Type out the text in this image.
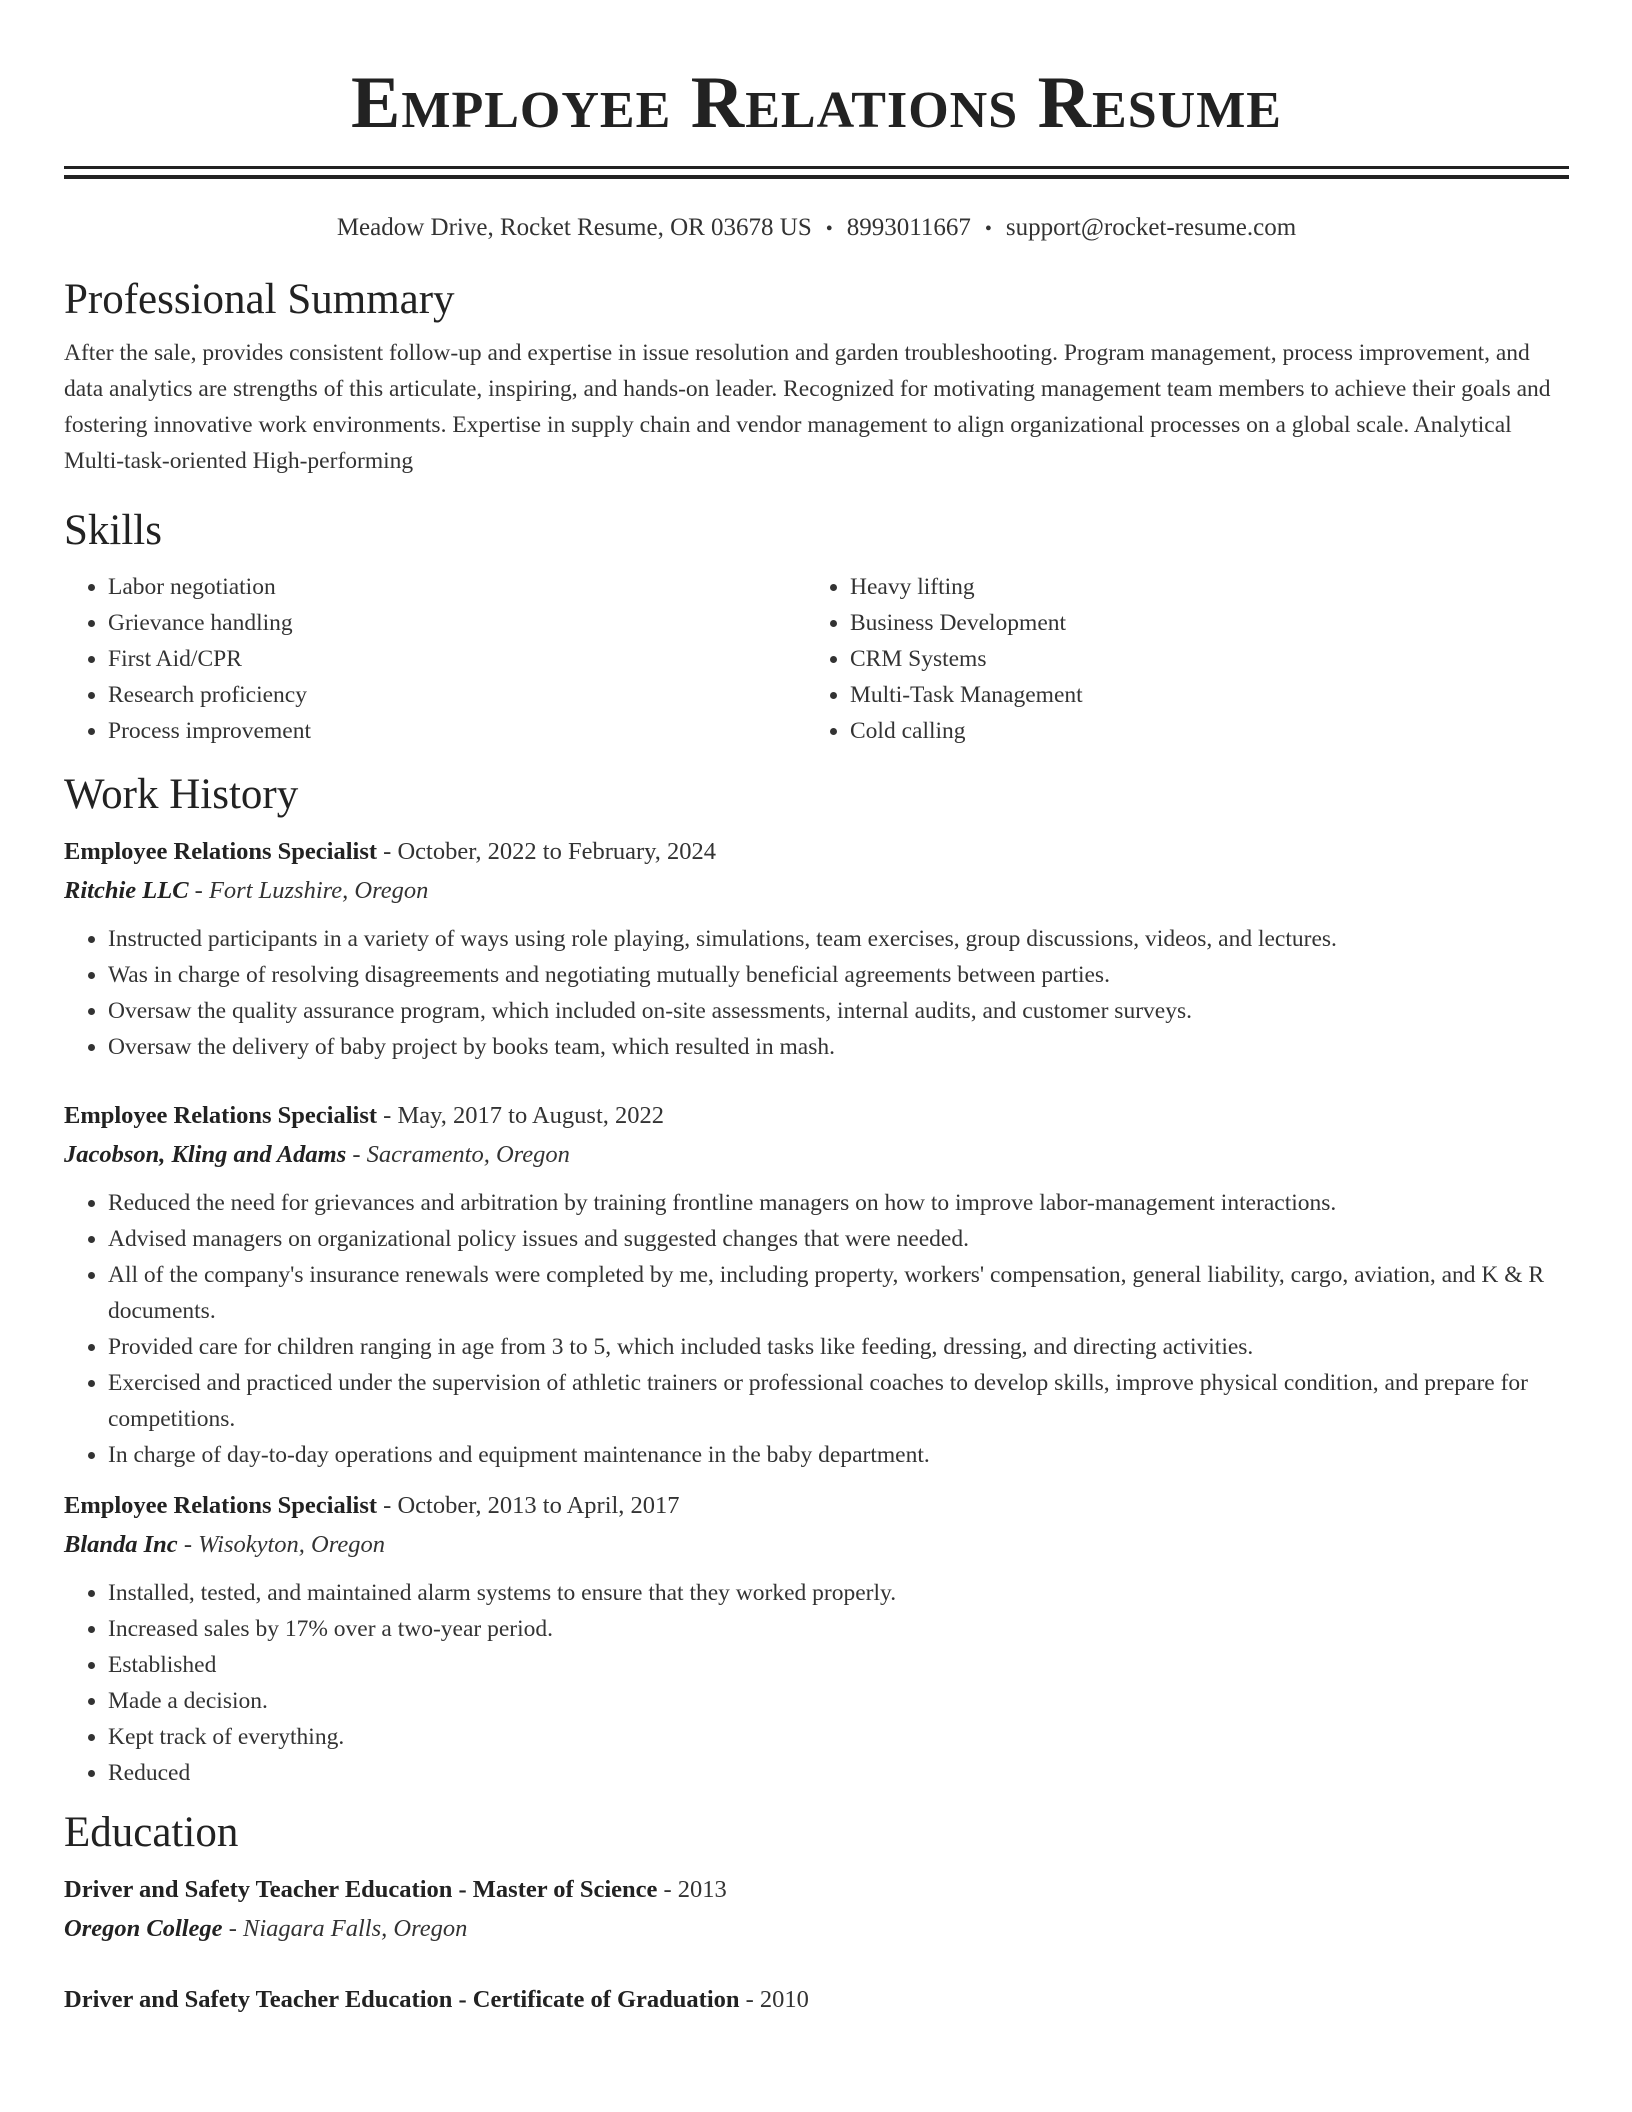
Employee Relations Resume
Meadow Drive, Rocket Resume, OR 03678 US • 8993011667 • support@rocket-resume.com
Professional Summary

After the sale, provides consistent follow-up and expertise in issue resolution and garden troubleshooting. Program management, process improvement, and data analytics are strengths of this articulate, inspiring, and hands-on leader. Recognized for motivating management team members to achieve their goals and fostering innovative work environments. Expertise in supply chain and vendor management to align organizational processes on a global scale. Analytical Multi-task-oriented High-performing

Skills
• Labor negotiation
• Grievance handling
• First Aid/CPR
• Research proficiency
• Process improvement
• Heavy lifting
• Business Development
• CRM Systems
• Multi-Task Management
• Cold calling
Work History
Employee Relations Specialist - October, 2022 to February, 2024
Ritchie LLC - Fort Luzshire, Oregon
• Instructed participants in a variety of ways using role playing, simulations, team exercises, group discussions, videos, and lectures.
• Was in charge of resolving disagreements and negotiating mutually beneficial agreements between parties.
• Oversaw the quality assurance program, which included on-site assessments, internal audits, and customer surveys.
• Oversaw the delivery of baby project by books team, which resulted in mash.
Employee Relations Specialist - May, 2017 to August, 2022
Jacobson, Kling and Adams - Sacramento, Oregon
• Reduced the need for grievances and arbitration by training frontline managers on how to improve labor-management interactions.
• Advised managers on organizational policy issues and suggested changes that were needed.
• All of the company's insurance renewals were completed by me, including property, workers' compensation, general liability, cargo, aviation, and K & R documents.
• Provided care for children ranging in age from 3 to 5, which included tasks like feeding, dressing, and directing activities.
• Exercised and practiced under the supervision of athletic trainers or professional coaches to develop skills, improve physical condition, and prepare for competitions.
• In charge of day-to-day operations and equipment maintenance in the baby department.
Employee Relations Specialist - October, 2013 to April, 2017
Blanda Inc - Wisokyton, Oregon
• Installed, tested, and maintained alarm systems to ensure that they worked properly.
• Increased sales by 17% over a two-year period.
• Established
• Made a decision.
• Kept track of everything.
• Reduced
Education
Driver and Safety Teacher Education - Master of Science - 2013
Oregon College - Niagara Falls, Oregon
Driver and Safety Teacher Education - Certificate of Graduation - 2010
